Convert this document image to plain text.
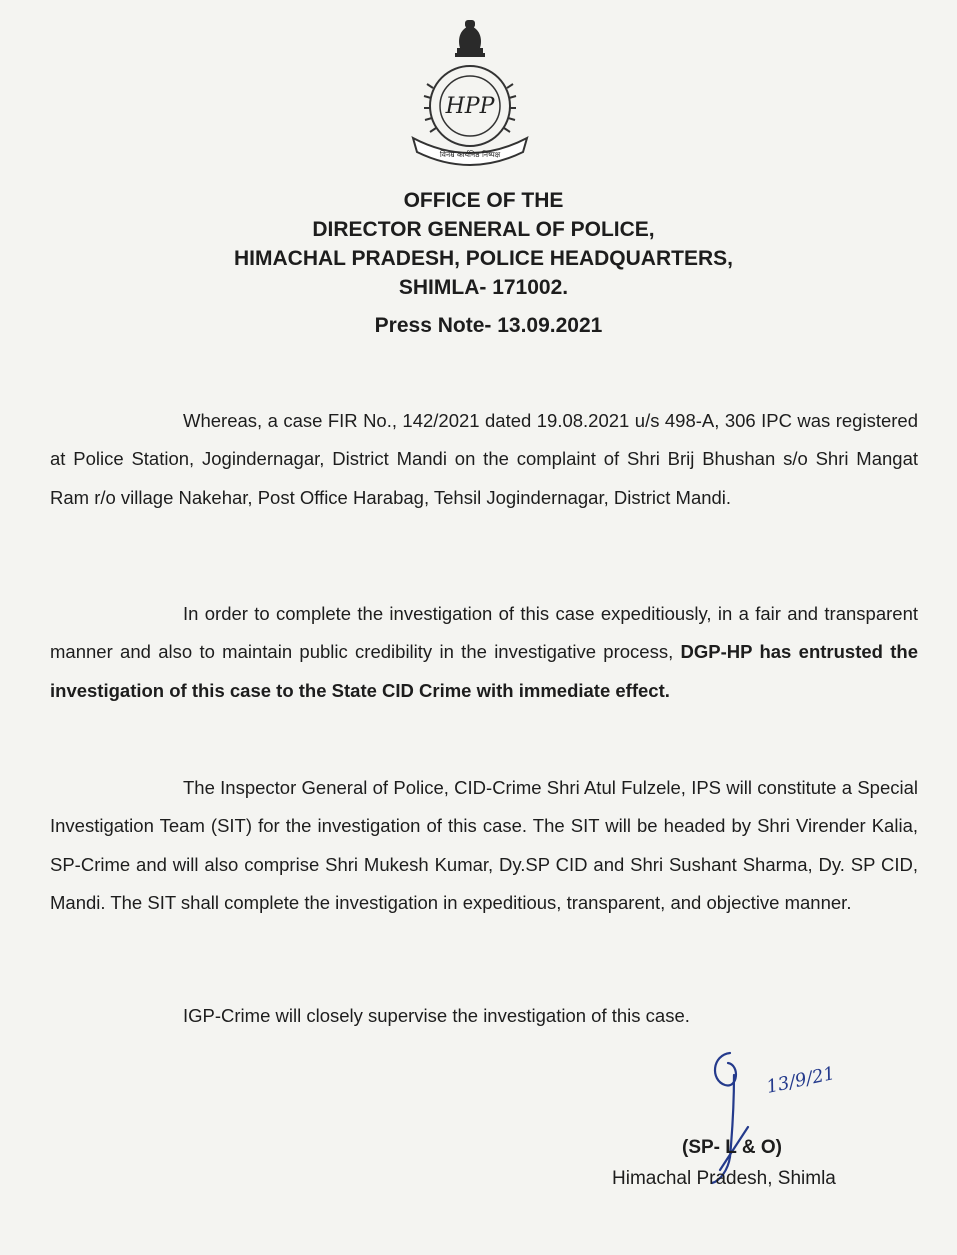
HPP
विनम्र कार्यनिष्ठ निष्पक्ष
OFFICE OF THE
DIRECTOR GENERAL OF POLICE,
HIMACHAL PRADESH, POLICE HEADQUARTERS,
SHIMLA- 171002.
Press Note- 13.09.2021

Whereas, a case FIR No., 142/2021 dated 19.08.2021 u/s 498-A, 306 IPC was registered at Police Station, Jogindernagar, District Mandi on the complaint of Shri Brij Bhushan s/o Shri Mangat Ram r/o village Nakehar, Post Office Harabag, Tehsil Jogindernagar, District Mandi.

In order to complete the investigation of this case expeditiously, in a fair and transparent manner and also to maintain public credibility in the investigative process, DGP-HP has entrusted the investigation of this case to the State CID Crime with immediate effect.

The Inspector General of Police, CID-Crime Shri Atul Fulzele, IPS will constitute a Special Investigation Team (SIT) for the investigation of this case. The SIT will be headed by Shri Virender Kalia, SP-Crime and will also comprise Shri Mukesh Kumar, Dy.SP CID and Shri Sushant Sharma, Dy. SP CID, Mandi. The SIT shall complete the investigation in expeditious, transparent, and objective manner.

IGP-Crime will closely supervise the investigation of this case.

13/9/21
(SP- L & O)
Himachal Pradesh, Shimla
